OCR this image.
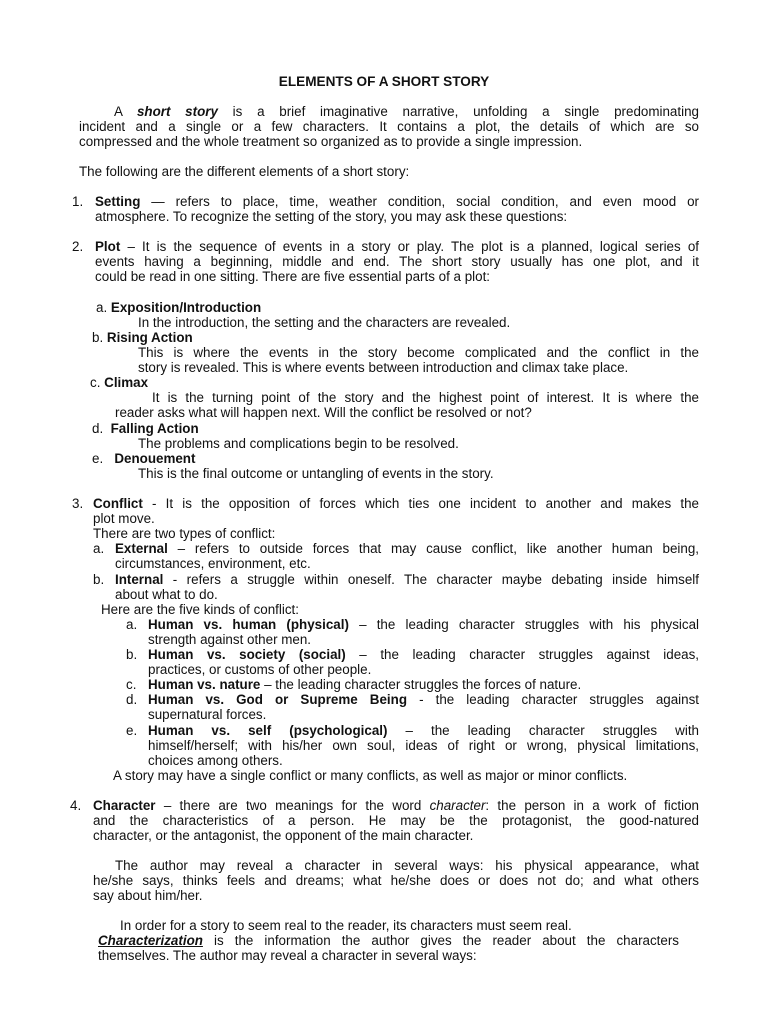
ELEMENTS OF A SHORT STORY
A short story is a brief imaginative narrative, unfolding a single predominating
incident and a single or a few characters. It contains a plot, the details of which are so
compressed and the whole treatment so organized as to provide a single impression.
The following are the different elements of a short story:
1. Setting — refers to place, time, weather condition, social condition, and even mood or
atmosphere. To recognize the setting of the story, you may ask these questions:
2. Plot – It is the sequence of events in a story or play. The plot is a planned, logical series of
events having a beginning, middle and end. The short story usually has one plot, and it
could be read in one sitting. There are five essential parts of a plot:
a. Exposition/Introduction
In the introduction, the setting and the characters are revealed.
b. Rising Action
This is where the events in the story become complicated and the conflict in the
story is revealed. This is where events between introduction and climax take place.
c. Climax
It is the turning point of the story and the highest point of interest. It is where the
reader asks what will happen next. Will the conflict be resolved or not?
d. Falling Action
The problems and complications begin to be resolved.
e. Denouement
This is the final outcome or untangling of events in the story.
3. Conflict - It is the opposition of forces which ties one incident to another and makes the
plot move.
There are two types of conflict:
a. External – refers to outside forces that may cause conflict, like another human being,
circumstances, environment, etc.
b. Internal - refers a struggle within oneself. The character maybe debating inside himself
about what to do.
Here are the five kinds of conflict:
a. Human vs. human (physical) – the leading character struggles with his physical
strength against other men.
b. Human vs. society (social) – the leading character struggles against ideas,
practices, or customs of other people.
c. Human vs. nature – the leading character struggles the forces of nature.
d. Human vs. God or Supreme Being - the leading character struggles against
supernatural forces.
e. Human vs. self (psychological) – the leading character struggles with
himself/herself; with his/her own soul, ideas of right or wrong, physical limitations,
choices among others.
A story may have a single conflict or many conflicts, as well as major or minor conflicts.
4. Character – there are two meanings for the word character: the person in a work of fiction
and the characteristics of a person. He may be the protagonist, the good-natured
character, or the antagonist, the opponent of the main character.
The author may reveal a character in several ways: his physical appearance, what
he/she says, thinks feels and dreams; what he/she does or does not do; and what others
say about him/her.
In order for a story to seem real to the reader, its characters must seem real.
Characterization is the information the author gives the reader about the characters
themselves. The author may reveal a character in several ways:
